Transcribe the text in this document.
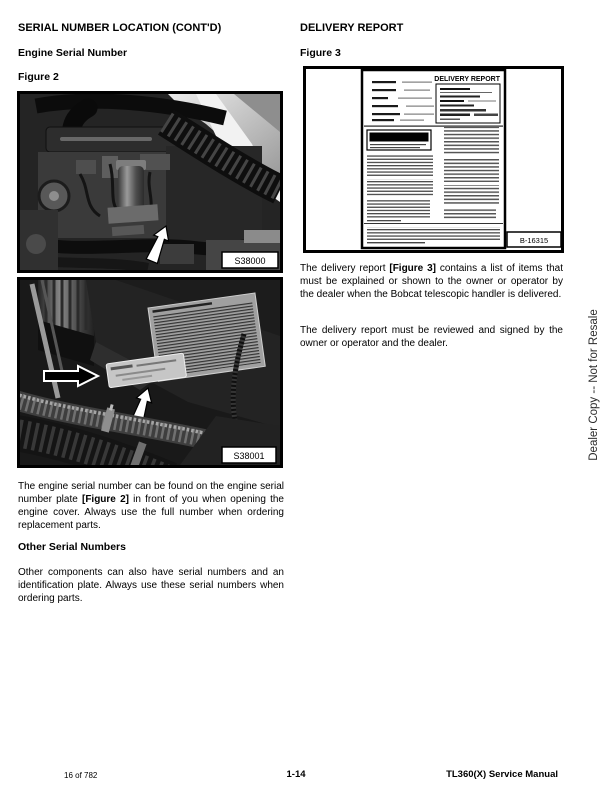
SERIAL NUMBER LOCATION (CONT'D)
Engine Serial Number
Figure 2
S38000
S38001

The engine serial number can be found on the engine serial number plate [Figure 2] in front of you when opening the engine cover. Always use the full number when ordering replacement parts.

Other Serial Numbers

Other components can also have serial numbers and an identification plate. Always use these serial numbers when ordering parts.

DELIVERY REPORT
Figure 3
DELIVERY REPORT
WARNING
B-16315

The delivery report [Figure 3] contains a list of items that must be explained or shown to the owner or operator by the dealer when the Bobcat telescopic handler is delivered.

The delivery report must be reviewed and signed by the owner or operator and the dealer.	Dealer Copy -- Not for Resale
16 of 782	1-14	TL360(X) Service Manual
